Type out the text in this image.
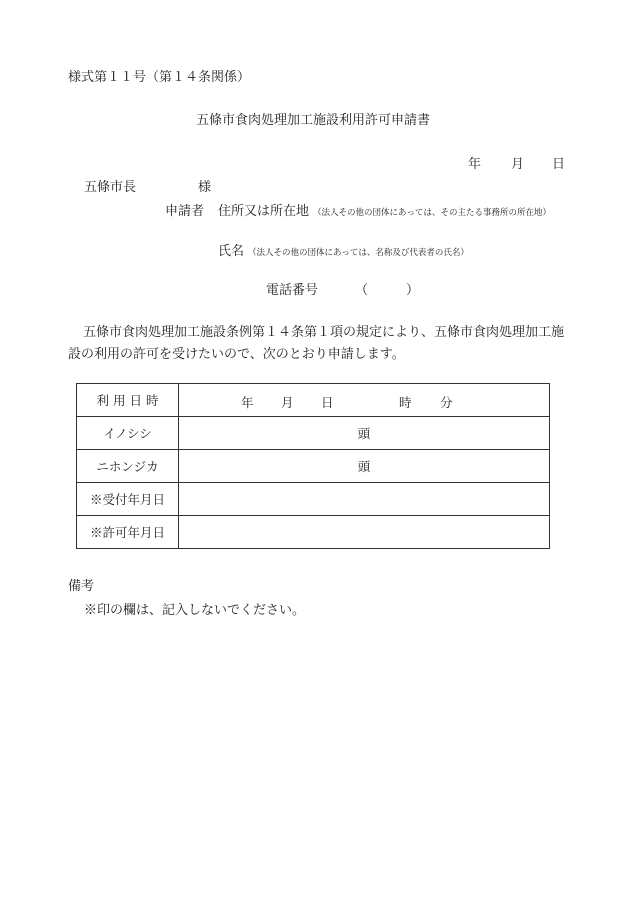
様式第１１号（第１４条関係）
五條市食肉処理加工施設利用許可申請書
年 月 日
五條市長	様
申請者 住所又は所在地 （法人その他の団体にあっては、その主たる事務所の所在地）
氏名 （法人その他の団体にあっては、名称及び代表者の氏名）
電話番号	（	）
五條市食肉処理加工施設条例第１４条第１項の規定により、五條市食肉処理加工施設の利用の許可を受けたいので、次のとおり申請します。
利 用 日 時	年 月 日 時 分

イノシシ	頭
ニホンジカ	頭
※受付年月日	
※許可年月日	
備考
※印の欄は、記入しないでください。
